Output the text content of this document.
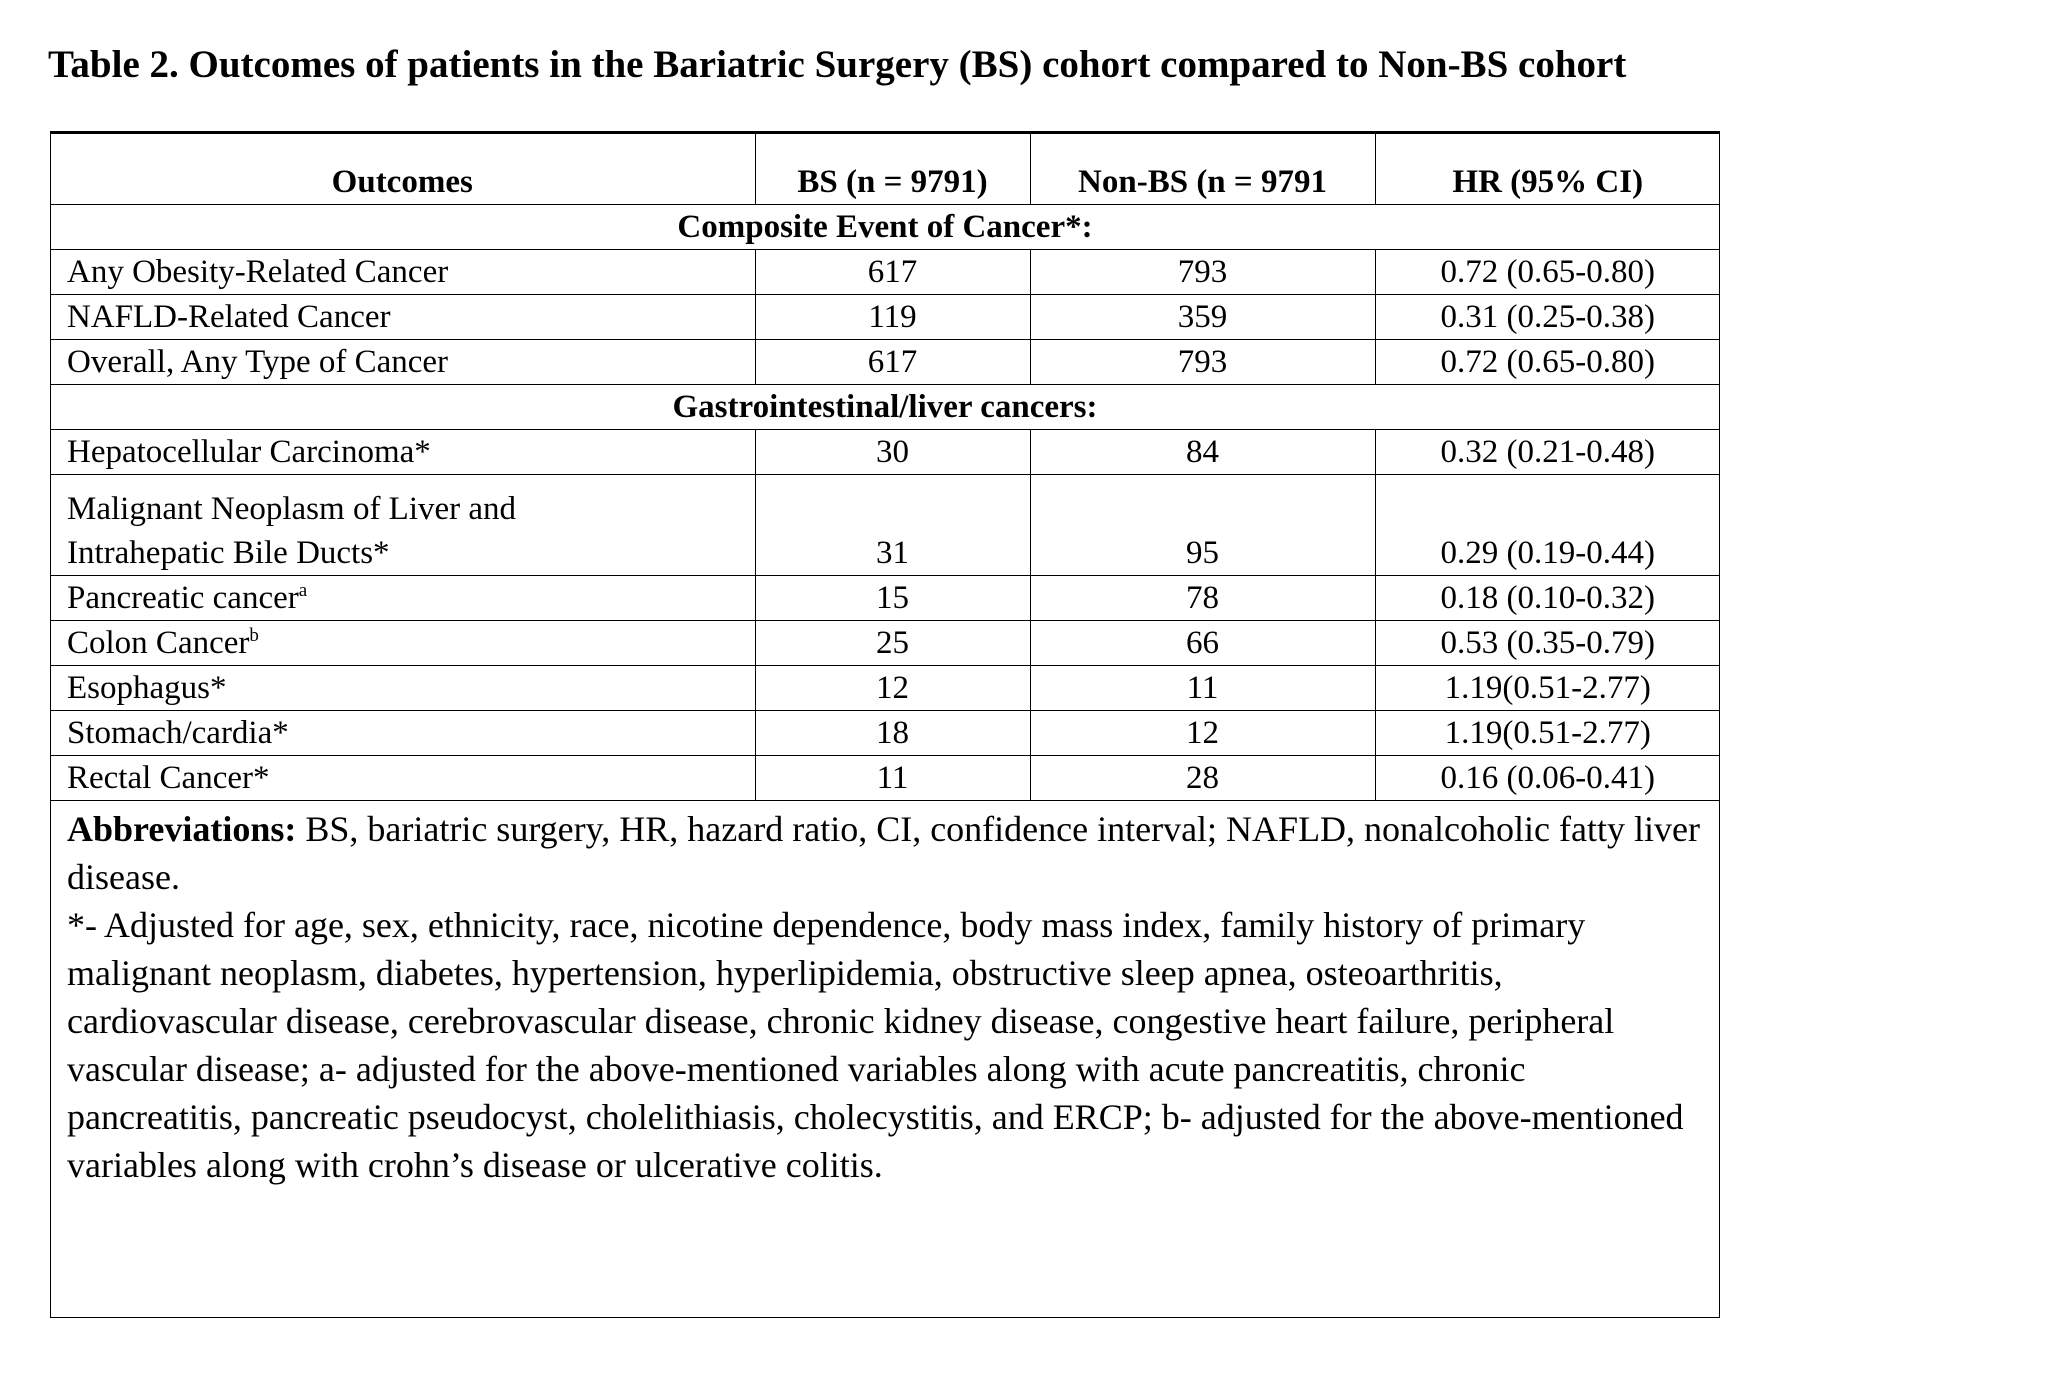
Table 2. Outcomes of patients in the Bariatric Surgery (BS) cohort compared to Non-BS cohort
Outcomes	BS (n = 9791)	Non-BS (n = 9791	HR (95% CI)
Composite Event of Cancer*:			
Any Obesity-Related Cancer	617	793	0.72 (0.65-0.80)
NAFLD-Related Cancer	119	359	0.31 (0.25-0.38)
Overall, Any Type of Cancer	617	793	0.72 (0.65-0.80)
Gastrointestinal/liver cancers:			
Hepatocellular Carcinoma*	30	84	0.32 (0.21-0.48)
Malignant Neoplasm of Liver and
Intrahepatic Bile Ducts*	31	95	0.29 (0.19-0.44)
Pancreatic cancer$^a$	15	78	0.18 (0.10-0.32)
Colon Cancer$^b$	25	66	0.53 (0.35-0.79)
Esophagus*	12	11	1.19(0.51-2.77)
Stomach/cardia*	18	12	1.19(0.51-2.77)
Rectal Cancer*	11	28	0.16 (0.06-0.41)

Abbreviations: BS, bariatric surgery, HR, hazard ratio, CI, confidence interval; NAFLD, nonalcoholic fatty liver disease.

*- Adjusted for age, sex, ethnicity, race, nicotine dependence, body mass index, family history of primary malignant neoplasm, diabetes, hypertension, hyperlipidemia, obstructive sleep apnea, osteoarthritis, cardiovascular disease, cerebrovascular disease, chronic kidney disease, congestive heart failure, peripheral vascular disease; a- adjusted for the above-mentioned variables along with acute pancreatitis, chronic pancreatitis, pancreatic pseudocyst, cholelithiasis, cholecystitis, and ERCP; b- adjusted for the above-mentioned variables along with crohn’s disease or ulcerative colitis.
